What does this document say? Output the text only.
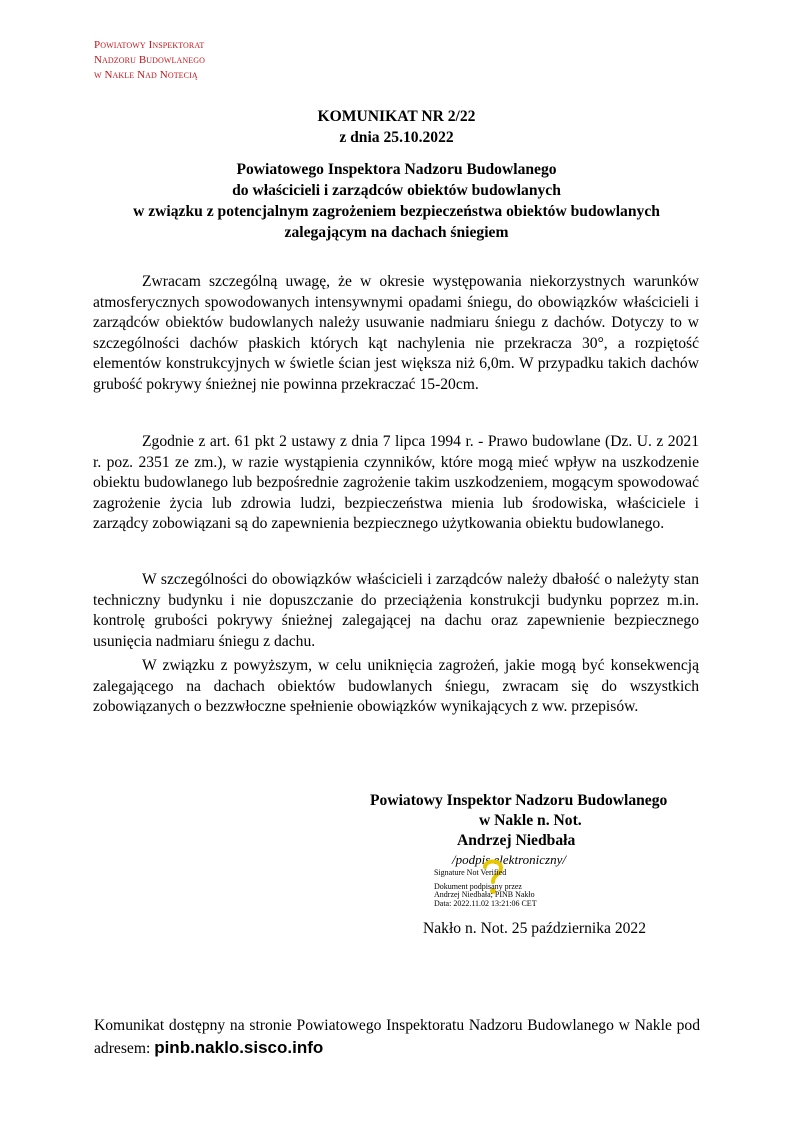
Powiatowy Inspektorat
Nadzoru Budowlanego
w Nakle Nad Notecią
KOMUNIKAT NR 2/22
z dnia 25.10.2022
Powiatowego Inspektora Nadzoru Budowlanego
do właścicieli i zarządców obiektów budowlanych
w związku z potencjalnym zagrożeniem bezpieczeństwa obiektów budowlanych
zalegającym na dachach śniegiem
Zwracam szczególną uwagę, że w okresie występowania niekorzystnych warunków atmosferycznych spowodowanych intensywnymi opadami śniegu, do obowiązków właścicieli i zarządców obiektów budowlanych należy usuwanie nadmiaru śniegu z dachów. Dotyczy to w szczególności dachów płaskich których kąt nachylenia nie przekracza 30°, a rozpiętość elementów konstrukcyjnych w świetle ścian jest większa niż 6,0m. W przypadku takich dachów grubość pokrywy śnieżnej nie powinna przekraczać 15-20cm.
Zgodnie z art. 61 pkt 2 ustawy z dnia 7 lipca 1994 r. - Prawo budowlane (Dz. U. z 2021 r. poz. 2351 ze zm.), w razie wystąpienia czynników, które mogą mieć wpływ na uszkodzenie obiektu budowlanego lub bezpośrednie zagrożenie takim uszkodzeniem, mogącym spowodować zagrożenie życia lub zdrowia ludzi, bezpieczeństwa mienia lub środowiska, właściciele i zarządcy zobowiązani są do zapewnienia bezpiecznego użytkowania obiektu budowlanego.
W szczególności do obowiązków właścicieli i zarządców należy dbałość o należyty stan techniczny budynku i nie dopuszczanie do przeciążenia konstrukcji budynku poprzez m.in. kontrolę grubości pokrywy śnieżnej zalegającej na dachu oraz zapewnienie bezpiecznego usunięcia nadmiaru śniegu z dachu.
W związku z powyższym, w celu uniknięcia zagrożeń, jakie mogą być konsekwencją zalegającego na dachach obiektów budowlanych śniegu, zwracam się do wszystkich zobowiązanych o bezzwłoczne spełnienie obowiązków wynikających z ww. przepisów.
Powiatowy Inspektor Nadzoru Budowlanego
w Nakle n. Not.
Andrzej Niedbała
/podpis elektroniczny/
Signature Not Verified
Dokument podpisany przez
Andrzej Niedbała; PINB Nakło
Data: 2022.11.02 13:21:06 CET
Nakło n. Not. 25 października 2022
Komunikat dostępny na stronie Powiatowego Inspektoratu Nadzoru Budowlanego w Nakle pod adresem: pinb.naklo.sisco.info
